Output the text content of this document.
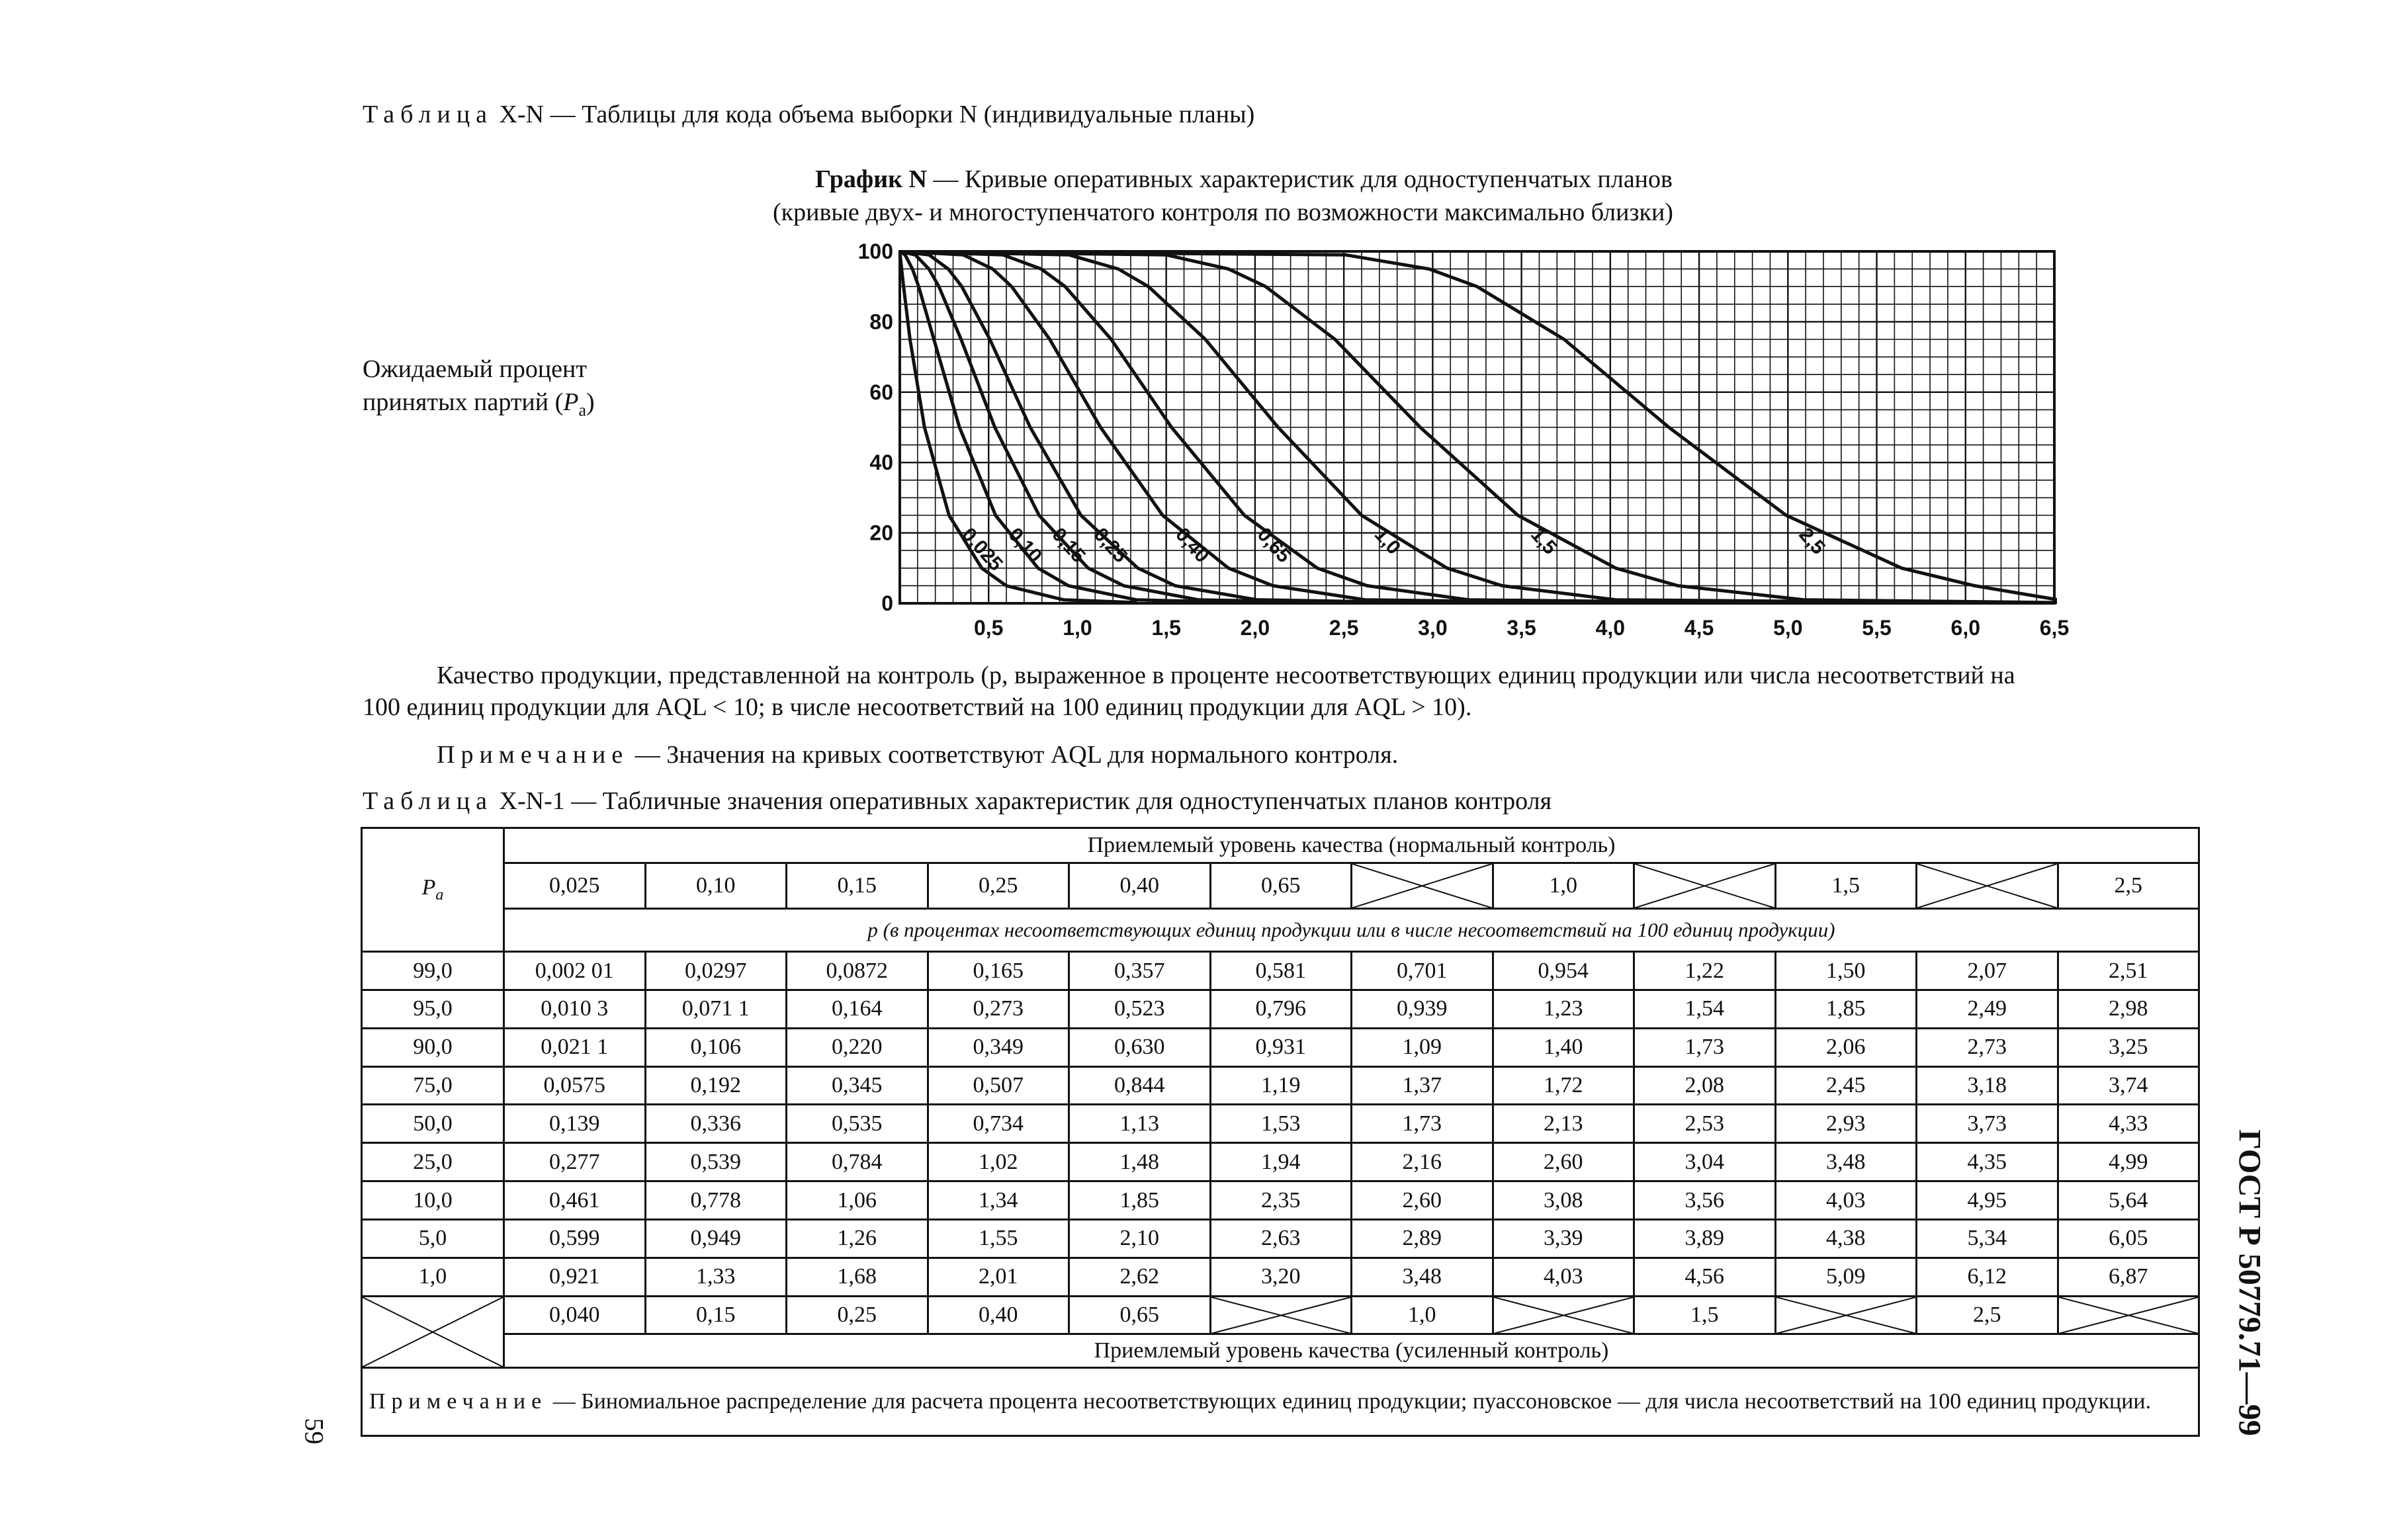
Таблица X-N — Таблицы для кода объема выборки N (индивидуальные планы)
График N — Кривые оперативных характеристик для одноступенчатых планов
(кривые двух- и многоступенчатого контроля по возможности максимально близки)
Ожидаемый процент
принятых партий $(P_a)$
0,5	1,0	1,5	2,0	2,5	3,0	3,5	4,0	4,5	5,0	5,5	6,0	6,5
0
20
40
60
80
100
0,025
0,10 0,15 0,25 0,40 0,65	1,0	1,5	2,5
Качество продукции, представленной на контроль (p, выраженное в проценте несоответствующих единиц продукции или числа несоответствий на
100 единиц продукции для AQL < 10; в числе несоответствий на 100 единиц продукции для AQL > 10).
Примечание — Значения на кривых соответствуют AQL для нормального контроля.
Таблица X-N-1 — Табличные значения оперативных характеристик для одноступенчатых планов контроля
$P_a$	Приемлемый уровень качества (нормальный контроль)											
	0,025	0,10	0,15	0,25	0,40	0,65		1,0		1,5		2,5
	p (в процентах несоответствующих единиц продукции или в числе несоответствий на 100 единиц продукции)											
99,0	0,002 01	0,0297	0,0872	0,165	0,357	0,581	0,701	0,954	1,22	1,50	2,07	2,51
95,0	0,010 3	0,071 1	0,164	0,273	0,523	0,796	0,939	1,23	1,54	1,85	2,49	2,98
90,0	0,021 1	0,106	0,220	0,349	0,630	0,931	1,09	1,40	1,73	2,06	2,73	3,25
75,0	0,0575	0,192	0,345	0,507	0,844	1,19	1,37	1,72	2,08	2,45	3,18	3,74
50,0	0,139	0,336	0,535	0,734	1,13	1,53	1,73	2,13	2,53	2,93	3,73	4,33
25,0	0,277	0,539	0,784	1,02	1,48	1,94	2,16	2,60	3,04	3,48	4,35	4,99
10,0	0,461	0,778	1,06	1,34	1,85	2,35	2,60	3,08	3,56	4,03	4,95	5,64
5,0	0,599	0,949	1,26	1,55	2,10	2,63	2,89	3,39	3,89	4,38	5,34	6,05
1,0	0,921	1,33	1,68	2,01	2,62	3,20	3,48	4,03	4,56	5,09	6,12	6,87

	0,040	0,15	0,25	0,40	0,65		1,0		1,5		2,5	

	Приемлемый уровень качества (усиленный контроль)											
Примечание — Биномиальное распределение для расчета процента несоответствующих единиц продукции; пуассоновское — для числа несоответствий на 100 единиц продукции.												
59	ГОСТ Р 50779.71—99
